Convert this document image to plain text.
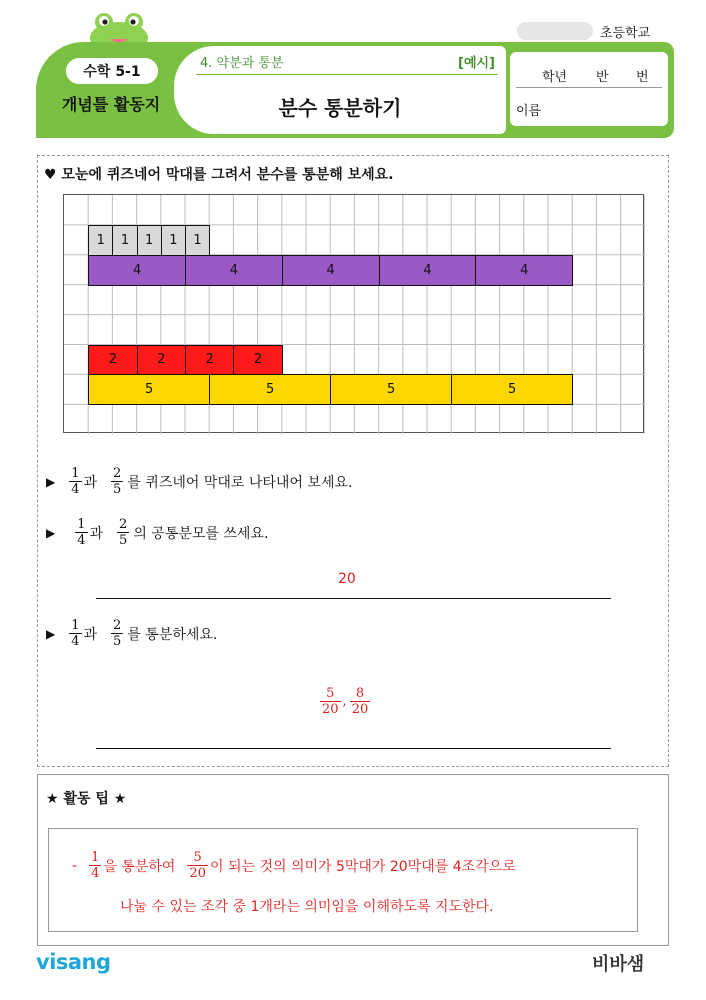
초등학교
수학 5-1
개념틀 활동지
4. 약분과 통분	[예시]
분수 통분하기
학년 반 번

이름
♥ 모눈에 퀴즈네어 막대를 그려서 분수를 통분해 보세요.
1	1	1	1	1
4	4	4	4	4
2	2	2	2
5	5	5	5
▶ $\frac{1}{4}$ 과 $\frac{2}{5}$ 를 퀴즈네어 막대로 나타내어 보세요.
▶ $\frac{1}{4}$ 과 $\frac{2}{5}$ 의 공통분모를 쓰세요.
20
▶ $\frac{1}{4}$ 과 $\frac{2}{5}$ 를 통분하세요.
$\frac{5}{20}$ , $\frac{8}{20}$
★ 활동 팁 ★
- $\frac{1}{4}$ 을 통분하여 $\frac{5}{20}$ 이 되는 것의 의미가 5막대가 20막대를 4조각으로
나눌 수 있는 조각 중 1개라는 의미임을 이해하도록 지도한다.
visang	비바샘
